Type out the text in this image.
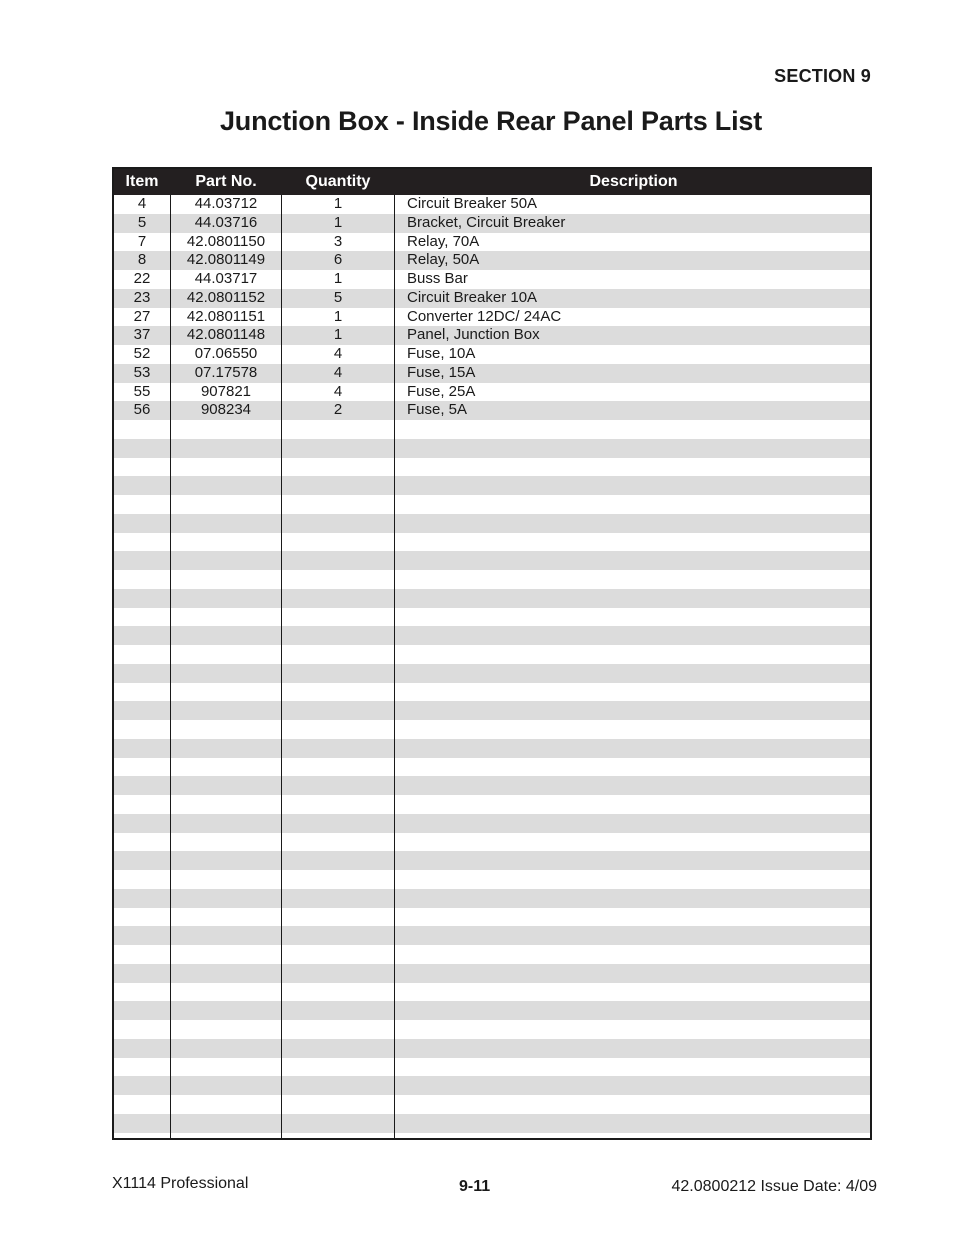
SECTION 9
Junction Box - Inside Rear Panel Parts List
Item	Part No.	Quantity	Description
4	44.03712	1	Circuit Breaker 50A
5	44.03716	1	Bracket, Circuit Breaker
7	42.0801150	3	Relay, 70A
8	42.0801149	6	Relay, 50A
22	44.03717	1	Buss Bar
23	42.0801152	5	Circuit Breaker 10A
27	42.0801151	1	Converter 12DC/ 24AC
37	42.0801148	1	Panel, Junction Box
52	07.06550	4	Fuse, 10A
53	07.17578	4	Fuse, 15A
55	907821	4	Fuse, 25A
56	908234	2	Fuse, 5A
X1114 Professional	9-11	42.0800212 Issue Date: 4/09
